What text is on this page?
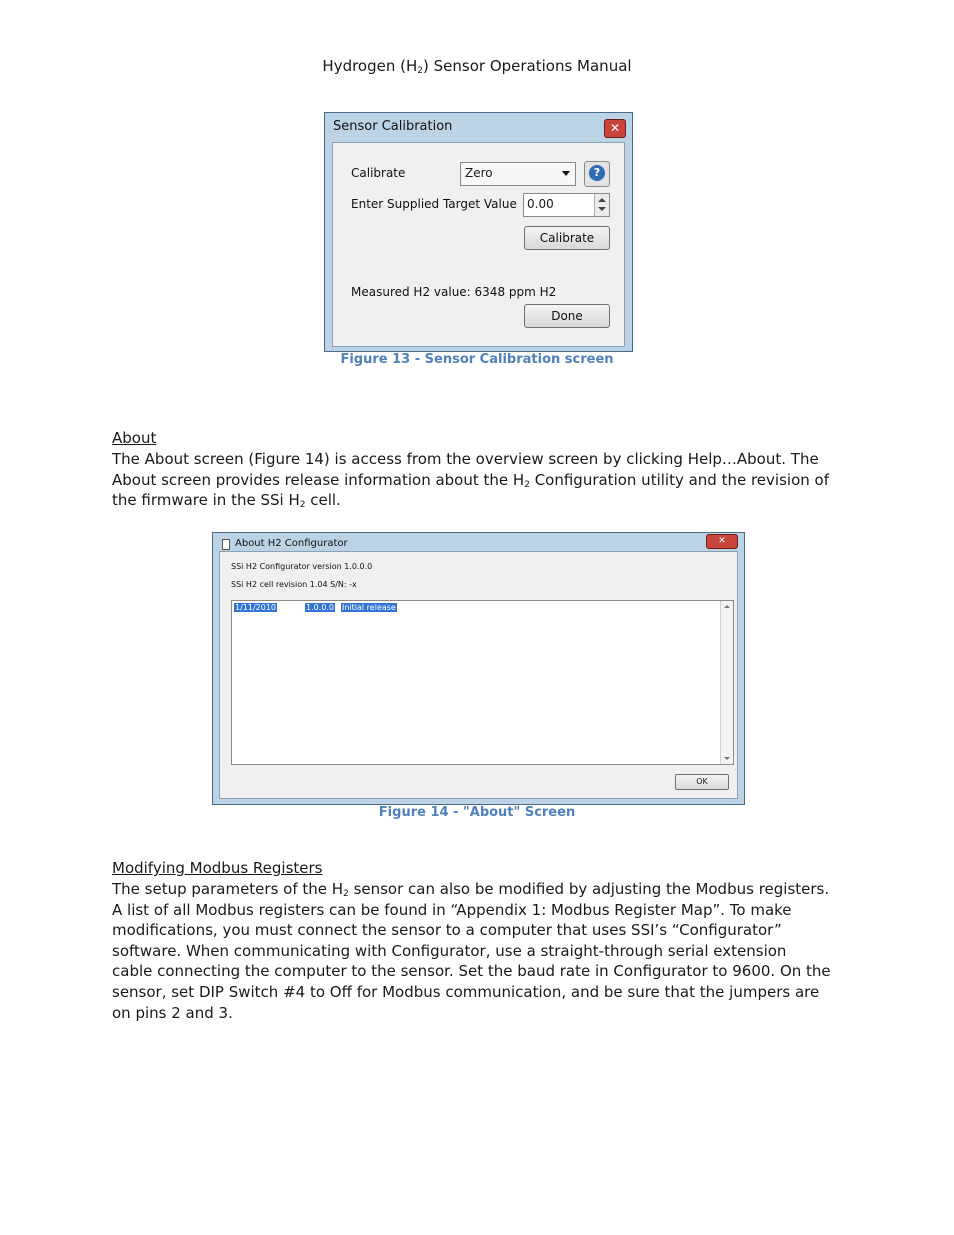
Hydrogen $(H_2)$ Sensor Operations Manual
Sensor Calibration	✕
Calibrate	Zero	?
Enter Supplied Target Value 0.00
Calibrate
Measured H2 value: 6348 ppm H2
Done
Figure 13 - Sensor Calibration screen
About
The About screen (Figure 14) is access from the overview screen by clicking Help…About. The
About screen provides release information about the $H_2$ Configuration utility and the revision of
the firmware in the SSi $H_2$ cell.
About H2 Configurator	✕
SSi H2 Configurator version 1.0.0.0
SSi H2 cell revision 1.04 S/N: -x
1/11/2010	1.0.0.0 Initial release
OK
Figure 14 - "About" Screen
Modifying Modbus Registers
The setup parameters of the $H_2$ sensor can also be modified by adjusting the Modbus registers.
A list of all Modbus registers can be found in “Appendix 1: Modbus Register Map”. To make
modifications, you must connect the sensor to a computer that uses SSI’s “Configurator”
software. When communicating with Configurator, use a straight-through serial extension
cable connecting the computer to the sensor. Set the baud rate in Configurator to 9600. On the
sensor, set DIP Switch #4 to Off for Modbus communication, and be sure that the jumpers are
on pins 2 and 3.
